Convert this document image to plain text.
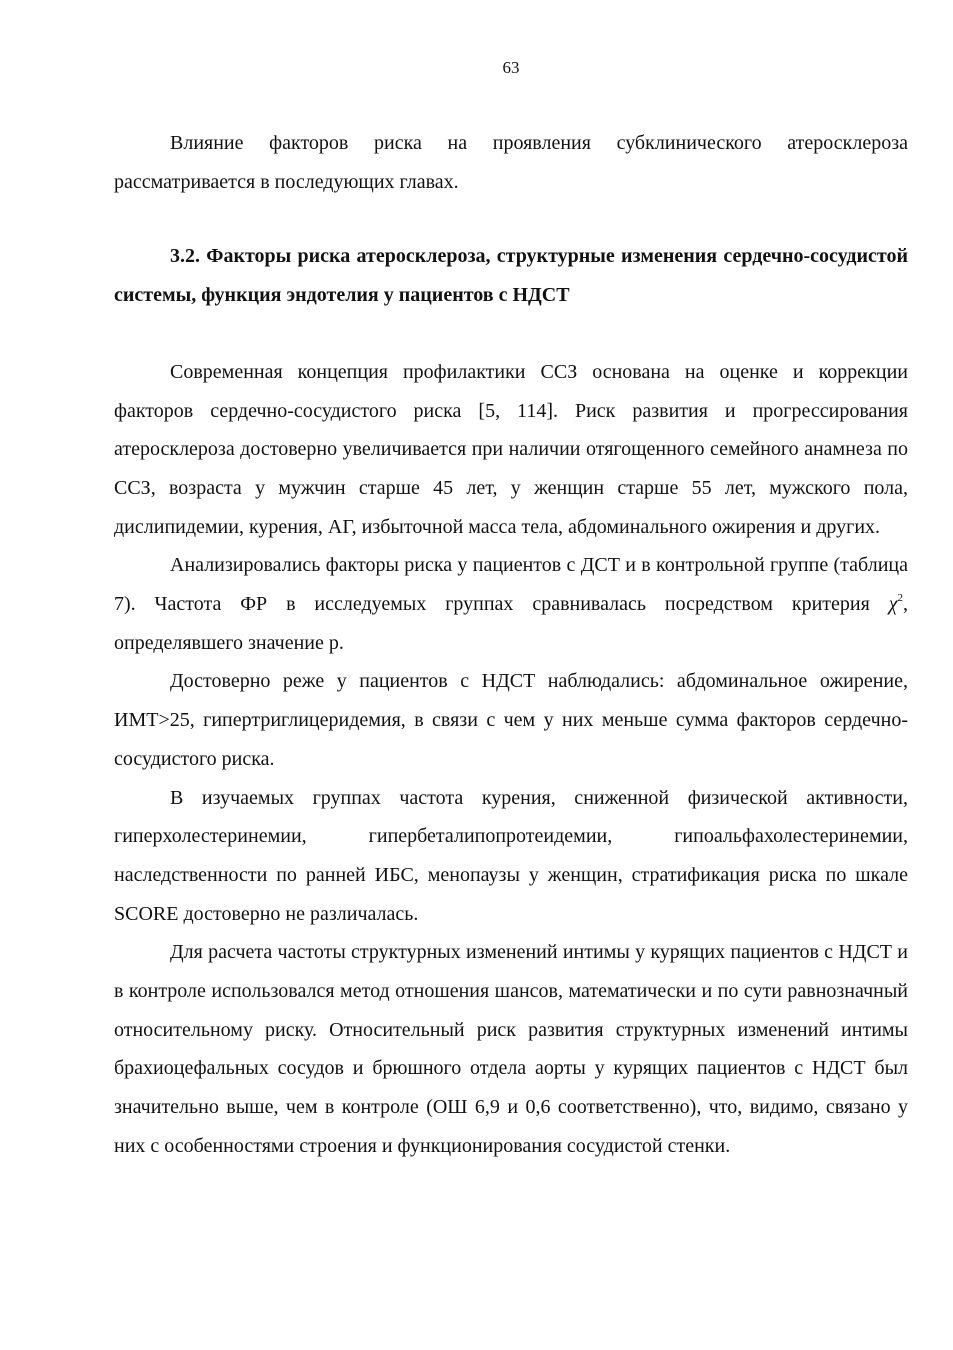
63

Влияние факторов риска на проявления субклинического атеросклероза рассматривается в последующих главах.

3.2. Факторы риска атеросклероза, структурные изменения сердечно-сосудистой системы, функция эндотелия у пациентов с НДСТ

Современная концепция профилактики ССЗ основана на оценке и коррекции факторов сердечно-сосудистого риска [5, 114]. Риск развития и прогрессирования атеросклероза достоверно увеличивается при наличии отягощенного семейного анамнеза по ССЗ, возраста у мужчин старше 45 лет, у женщин старше 55 лет, мужского пола, дислипидемии, курения, АГ, избыточной масса тела, абдоминального ожирения и других.

Анализировались факторы риска у пациентов с ДСТ и в контрольной группе (таблица 7). Частота ФР в исследуемых группах сравнивалась посредством критерия $\chi^2$, определявшего значение p.

Достоверно реже у пациентов с НДСТ наблюдались: абдоминальное ожирение, ИМТ>25, гипертриглицеридемия, в связи с чем у них меньше сумма факторов сердечно-сосудистого риска.

В изучаемых группах частота курения, сниженной физической активности, гиперхолестеринемии, гипербеталипопротеидемии, гипоальфахолестеринемии, наследственности по ранней ИБС, менопаузы у женщин, стратификация риска по шкале SCORE достоверно не различалась.

Для расчета частоты структурных изменений интимы у курящих пациентов с НДСТ и в контроле использовался метод отношения шансов, математически и по сути равнозначный относительному риску. Относительный риск развития структурных изменений интимы брахиоцефальных сосудов и брюшного отдела аорты у курящих пациентов с НДСТ был значительно выше, чем в контроле (ОШ 6,9 и 0,6 соответственно), что, видимо, связано у них с особенностями строения и функционирования сосудистой стенки.
